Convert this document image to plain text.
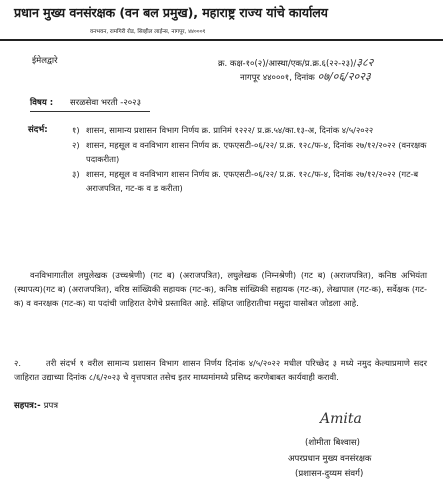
प्रधान मुख्य वनसंरक्षक (वन बल प्रमुख), महाराष्ट्र राज्य यांचे कार्यालय
वनभवन, रामगिरी रोड, सिव्हील लाईन्स, नागपूर, ४४०००१
ईमेलद्वारे	क्र. कक्ष-१०(२)/आस्था/एक/प्र.क्र.६(२२-२३)/३८२
नागपूर ४४०००१, दिनांक ०७/०६/२०२३
विषय : सरळसेवा भरती -२०२३
संदर्भ:	१) शासन, सामान्य प्रशासन विभाग निर्णय क्र. प्रानिमं १२२२/ प्र.क्र.५४/का.१३-अ, दिनांक ४/५/२०२२
२) शासन, महसूल व वनविभाग शासन निर्णय क्र. एफएसटी-०६/२२/ प्र.क्र. १२८/फ-४, दिनांक २७/१२/२०२२ (वनरक्षक पदाकरीता)
३) शासन, महसूल व वनविभाग शासन निर्णय क्र. एफएसटी-०६/२२/ प्र.क्र. १२८/फ-४, दिनांक २७/१२/२०२२ (गट-ब अराजपत्रित, गट-क व ड करीता)
वनविभागातील लघुलेखक (उच्चश्रेणी) (गट ब) (अराजपत्रित), लघुलेखक (निम्नश्रेणी) (गट ब) (अराजपत्रित), कनिष्ठ अभियंता (स्थापत्य)(गट ब) (अराजपत्रित), वरिष्ठ सांख्यिकी सहायक (गट-क), कनिष्ठ सांख्यिकी सहायक (गट-क), लेखापाल (गट-क), सर्वेक्षक (गट-क) व वनरक्षक (गट-क) या पदांची जाहिरात देणेचे प्रस्तावित आहे. संक्षिप्त जाहिरातीचा मसुदा यासोबत जोडला आहे.
२.	तरी संदर्भ १ वरील सामान्य प्रशासन विभाग शासन निर्णय दिनांक ४/५/२०२२ मधील परिच्छेद ३ मध्ये नमुद केल्याप्रमाणे सदर जाहिरात उद्याच्या दिनांक ८/६/२०२३ चे वृत्तपत्रात तसेच इतर माध्यमांमध्ये प्रसिध्द करणेबाबत कार्यवाही करावी.
सहपत्र:- प्रपत्र
Amita
(शोमीता बिश्वास)
अपरप्रधान मुख्य वनसंरक्षक
(प्रशासन-दुय्यम संवर्ग)
